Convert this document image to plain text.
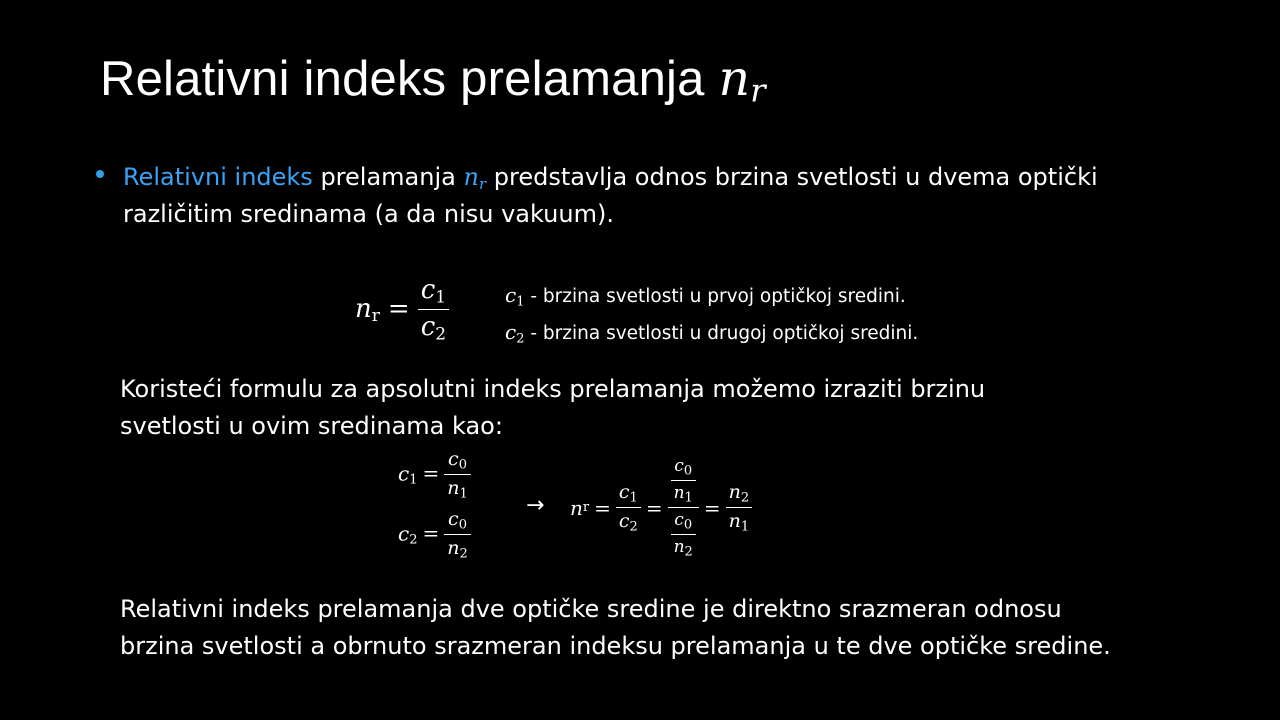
Relativni indeks prelamanja $n_r$
Relativni indeks prelamanja $n_r$ predstavlja odnos brzina svetlosti u dvema optički
različitim sredinama (a da nisu vakuum).
$n_r = \frac{c_1}{c_2}$	$c_1$ - brzina svetlosti u prvoj optičkoj sredini.
$c_2$ - brzina svetlosti u drugoj optičkoj sredini.
Koristeći formulu za apsolutni indeks prelamanja možemo izraziti brzinu
svetlosti u ovim sredinama kao:
$c_1 = \frac{c_0}{n_1}$
$c_2 = \frac{c_0}{n_2}$
→ n $r = \frac{c_1}{c_2} = \frac{\frac{c_0}{n_1}}{\frac{c_0}{n_2}} = \frac{n_2}{n_1}$
Relativni indeks prelamanja dve optičke sredine je direktno srazmeran odnosu
brzina svetlosti a obrnuto srazmeran indeksu prelamanja u te dve optičke sredine.
